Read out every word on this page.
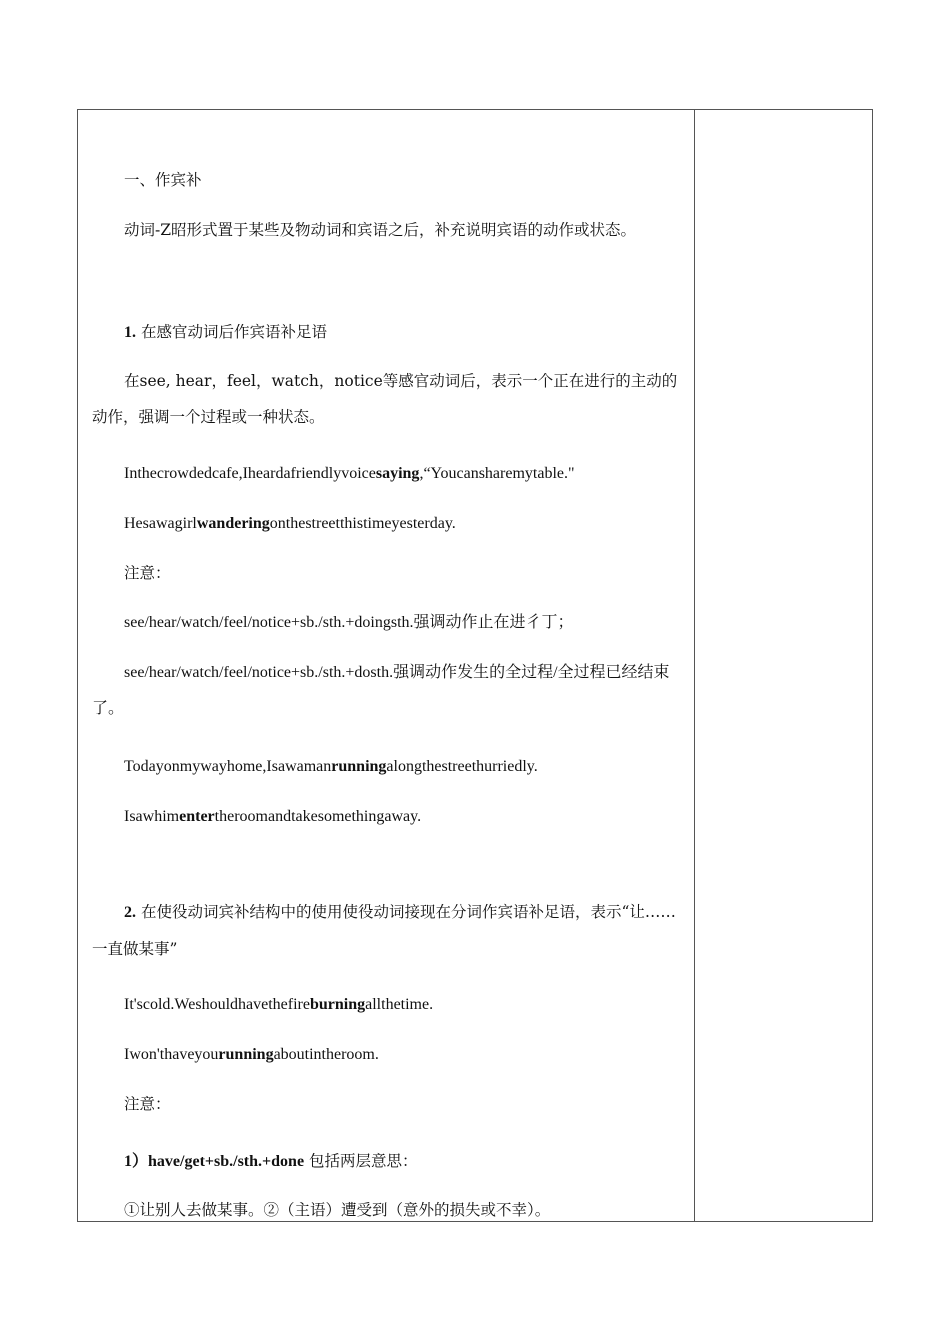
一、作宾补
动词-Z昭形式置于某些及物动词和宾语之后，补充说明宾语的动作或状态。
1. 在感官动词后作宾语补足语
在see, hear，feel，watch，notice等感官动词后，表示一个正在进行的主动的动作，强调一个过程或一种状态。
Inthecrowdedcafe,Iheardafriendlyvoicesaying,“Youcansharemytable."
Hesawagirlwanderingonthestreetthistimeyesterday.
注意：
see/hear/watch/feel/notice+sb./sth.+doingsth.强调动作止在进彳丁；
see/hear/watch/feel/notice+sb./sth.+dosth.强调动作发生的全过程/全过程已经结束了。
Todayonmywayhome,Isawamanrunningalongthestreethurriedly.
Isawhimentertheroomandtakesomethingaway.
2. 在使役动词宾补结构中的使用使役动词接现在分词作宾语补足语，表示“让……一直做某事”
It'scold.Weshouldhavethefireburningallthetime.
Iwon'thaveyourunningaboutintheroom.
注意：
1）have/get+sb./sth.+done 包括两层意思：
①让别人去做某事。②（主语）遭受到（意外的损失或不幸）。
